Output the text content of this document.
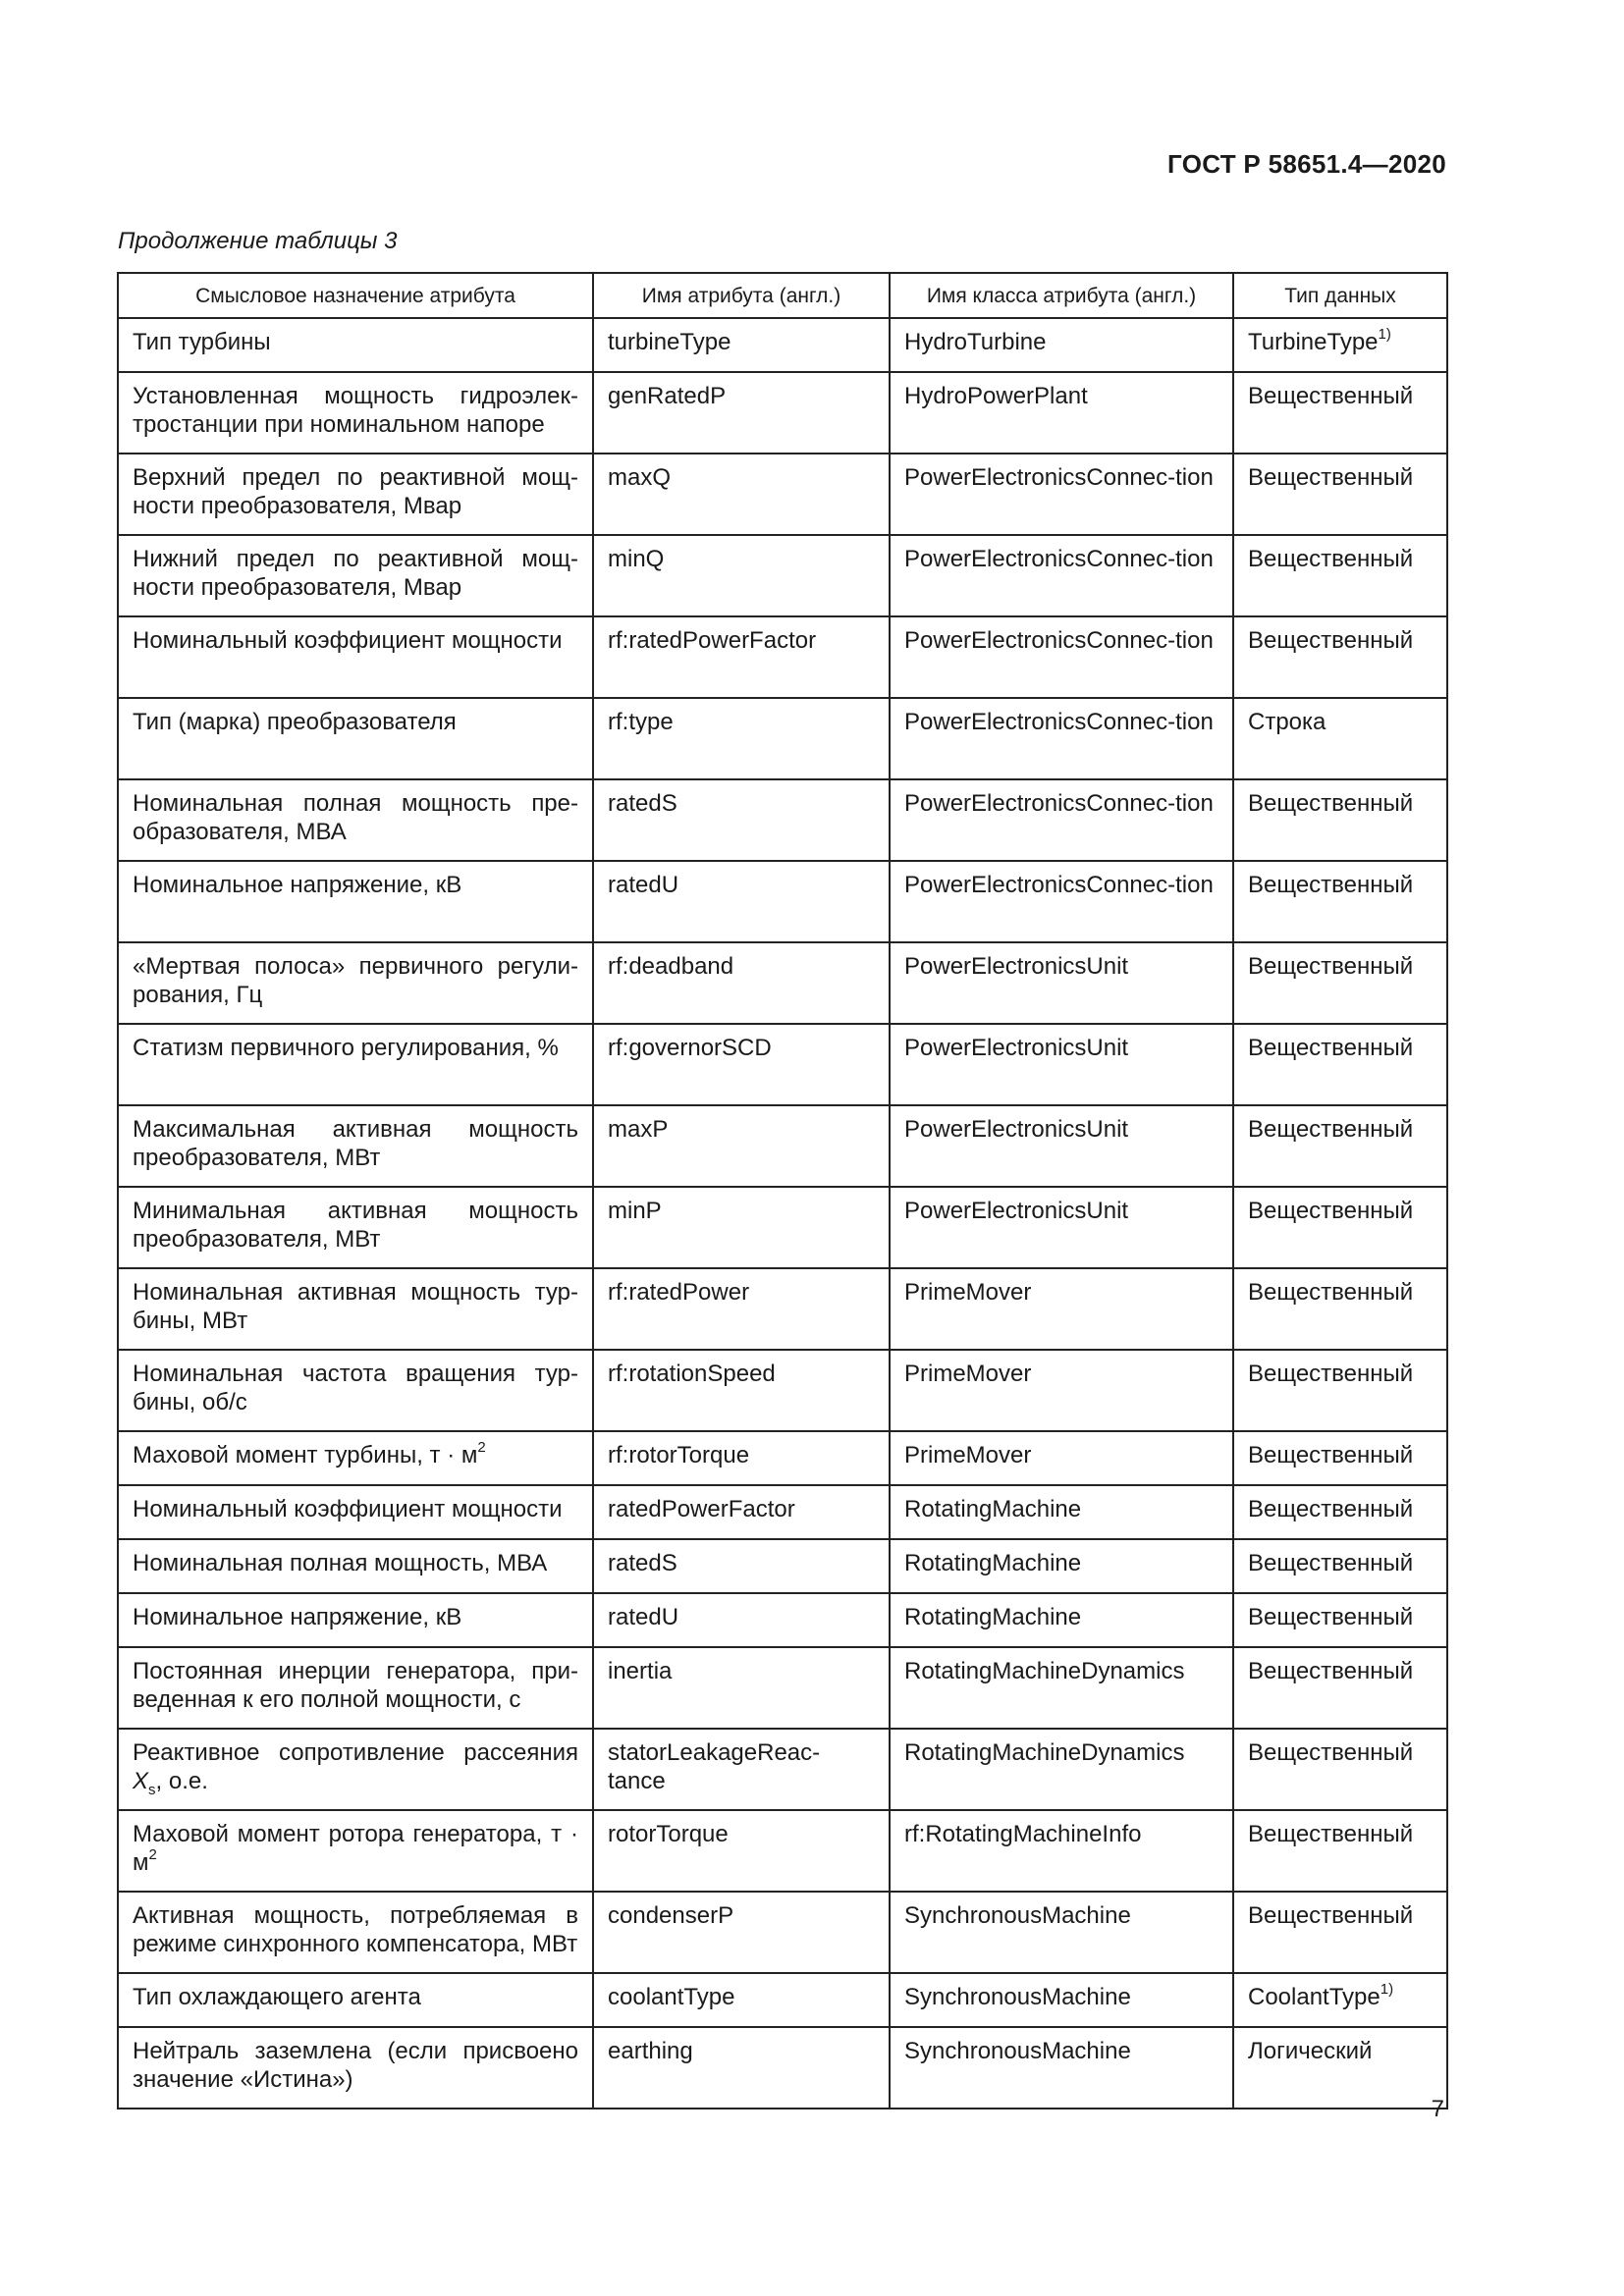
ГОСТ Р 58651.4—2020
Продолжение таблицы 3
Смысловое назначение атрибута	Имя атрибута (англ.)	Имя класса атрибута (англ.)	Тип данных
Тип турбины	turbineType	HydroTurbine	TurbineType$^{1)}$
Установленная мощность гидроэлек-тростанции при номинальном напоре	genRatedP	HydroPowerPlant	Вещественный
Верхний предел по реактивной мощ-ности преобразователя, Мвар	maxQ	PowerElectronicsConnec-tion	Вещественный
Нижний предел по реактивной мощ-ности преобразователя, Мвар	minQ	PowerElectronicsConnec-tion	Вещественный
Номинальный коэффициент мощности	rf:ratedPowerFactor	PowerElectronicsConnec-tion	Вещественный
Тип (марка) преобразователя	rf:type	PowerElectronicsConnec-tion	Строка
Номинальная полная мощность пре-образователя, МВА	ratedS	PowerElectronicsConnec-tion	Вещественный
Номинальное напряжение, кВ	ratedU	PowerElectronicsConnec-tion	Вещественный
«Мертвая полоса» первичного регули-рования, Гц	rf:deadband	PowerElectronicsUnit	Вещественный
Статизм первичного регулирования, %	rf:governorSCD	PowerElectronicsUnit	Вещественный
Максимальная активная мощность преобразователя, МВт	maxP	PowerElectronicsUnit	Вещественный
Минимальная активная мощность преобразователя, МВт	minP	PowerElectronicsUnit	Вещественный
Номинальная активная мощность тур-бины, МВт	rf:ratedPower	PrimeMover	Вещественный
Номинальная частота вращения тур-бины, об/с	rf:rotationSpeed	PrimeMover	Вещественный
Маховой момент турбины, $т \cdot м^2$	rf:rotorTorque	PrimeMover	Вещественный
Номинальный коэффициент мощности	ratedPowerFactor	RotatingMachine	Вещественный
Номинальная полная мощность, МВА	ratedS	RotatingMachine	Вещественный
Номинальное напряжение, кВ	ratedU	RotatingMachine	Вещественный
Постоянная инерции генератора, при-веденная к его полной мощности, с	inertia	RotatingMachineDynamics	Вещественный
Реактивное сопротивление рассеяния $X_s$, о.е.	statorLeakageReac-tance	RotatingMachineDynamics	Вещественный
Маховой момент ротора генератора, $т \cdot м^2$	rotorTorque	rf:RotatingMachineInfo	Вещественный
Активная мощность, потребляемая в режиме синхронного компенсатора, МВт	condenserP	SynchronousMachine	Вещественный
Тип охлаждающего агента	coolantType	SynchronousMachine	CoolantType$^{1)}$
Нейтраль заземлена (если присвоено значение «Истина»)	earthing	SynchronousMachine	Логический
7
